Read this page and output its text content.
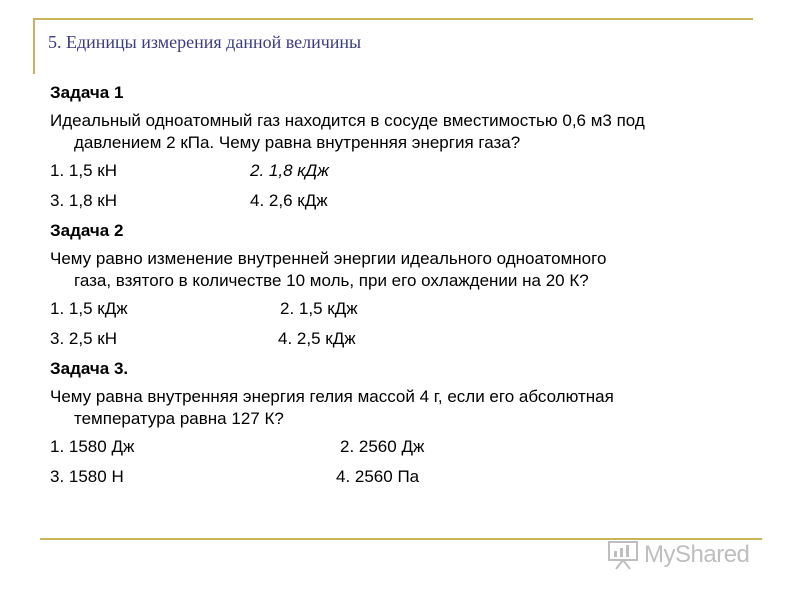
5. Единицы измерения данной величины
Задача 1
Идеальный одноатомный газ находится в сосуде вместимостью 0,6 м3 под
давлением 2 кПа. Чему равна внутренняя энергия газа?
1. 1,5 кН	2. 1,8 кДж
3. 1,8 кН	4. 2,6 кДж
Задача 2
Чему равно изменение внутренней энергии идеального одноатомного
газа, взятого в количестве 10 моль, при его охлаждении на 20 К?
1. 1,5 кДж	2. 1,5 кДж
3. 2,5 кН	4. 2,5 кДж
Задача 3.
Чему равна внутренняя энергия гелия массой 4 г, если его абсолютная
температура равна 127 К?
1. 1580 Дж	2. 2560 Дж
3. 1580 Н	4. 2560 Па
MyShared
